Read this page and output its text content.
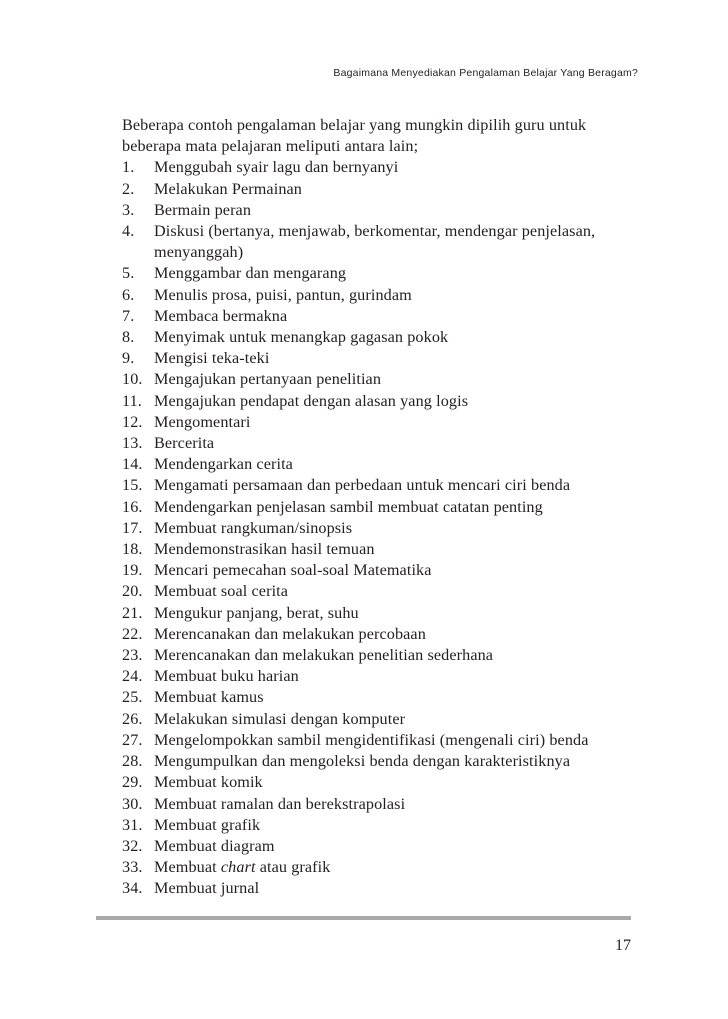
Bagaimana Menyediakan Pengalaman Belajar Yang Beragam?

Beberapa contoh pengalaman belajar yang mungkin dipilih guru untuk
beberapa mata pelajaran meliputi antara lain;

1.	Menggubah syair lagu dan bernyanyi
2.	Melakukan Permainan
3.	Bermain peran
4.	Diskusi (bertanya, menjawab, berkomentar, mendengar penjelasan,
menyanggah)
5.	Menggambar dan mengarang
6.	Menulis prosa, puisi, pantun, gurindam
7.	Membaca bermakna
8.	Menyimak untuk menangkap gagasan pokok
9.	Mengisi teka-teki
10. Mengajukan pertanyaan penelitian
11. Mengajukan pendapat dengan alasan yang logis
12. Mengomentari
13. Bercerita
14. Mendengarkan cerita
15. Mengamati persamaan dan perbedaan untuk mencari ciri benda
16. Mendengarkan penjelasan sambil membuat catatan penting
17. Membuat rangkuman/sinopsis
18. Mendemonstrasikan hasil temuan
19. Mencari pemecahan soal-soal Matematika
20. Membuat soal cerita
21. Mengukur panjang, berat, suhu
22. Merencanakan dan melakukan percobaan
23. Merencanakan dan melakukan penelitian sederhana
24. Membuat buku harian
25. Membuat kamus
26. Melakukan simulasi dengan komputer
27. Mengelompokkan sambil mengidentifikasi (mengenali ciri) benda
28. Mengumpulkan dan mengoleksi benda dengan karakteristiknya
29. Membuat komik
30. Membuat ramalan dan berekstrapolasi
31. Membuat grafik
32. Membuat diagram
33. Membuat chart atau grafik
34. Membuat jurnal
17
